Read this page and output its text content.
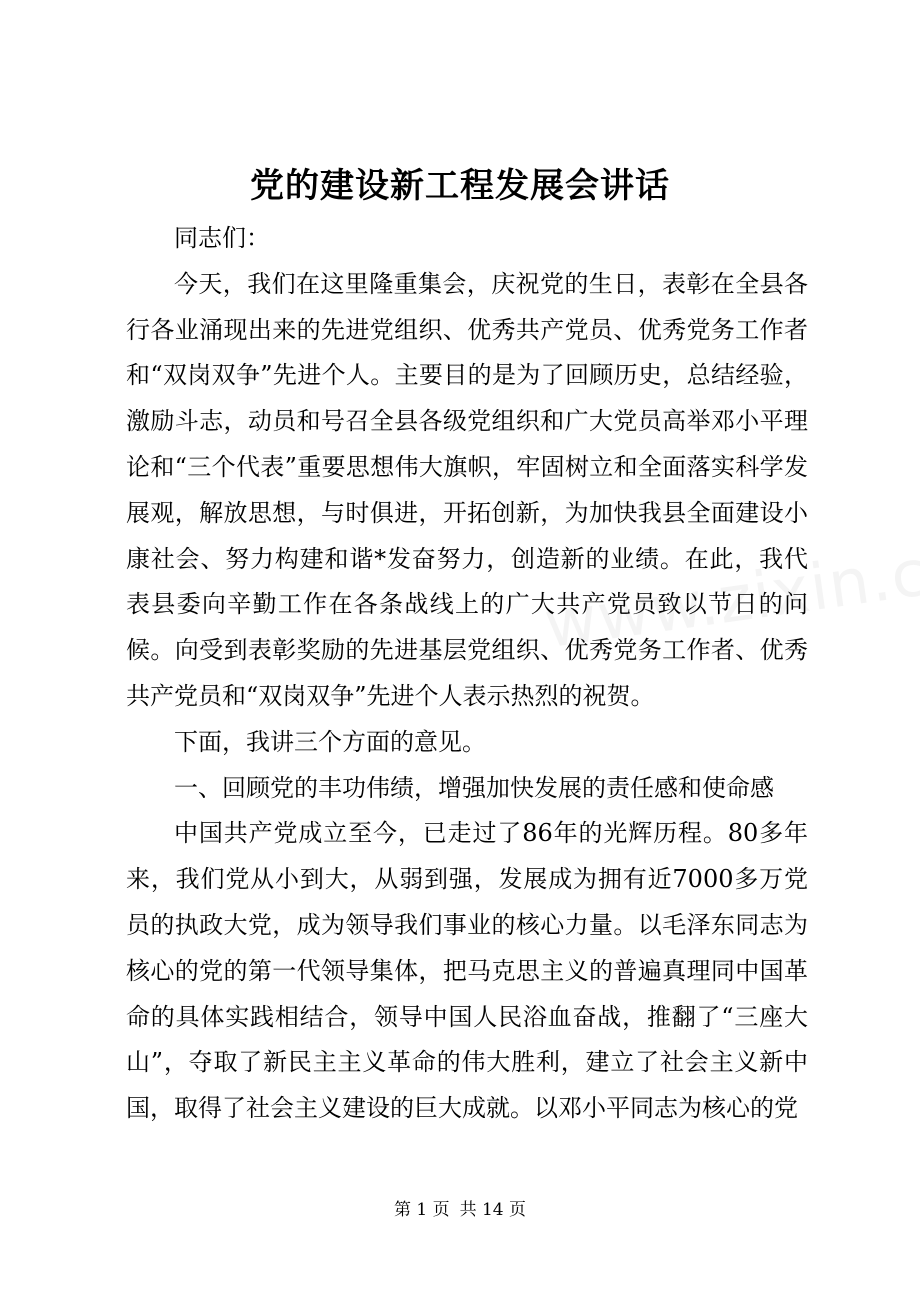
党的建设新工程发展会讲话

同志们：

今天，我们在这里隆重集会，庆祝党的生日，表彰在全县各行各业涌现出来的先进党组织、优秀共产党员、优秀党务工作者和“双岗双争”先进个人。主要目的是为了回顾历史，总结经验，激励斗志，动员和号召全县各级党组织和广大党员高举邓小平理论和“三个代表”重要思想伟大旗帜，牢固树立和全面落实科学发展观，解放思想，与时俱进，开拓创新，为加快我县全面建设小康社会、努力构建和谐*发奋努力，创造新的业绩。在此，我代表县委向辛勤工作在各条战线上的广大共产党员致以节日的问候。向受到表彰奖励的先进基层党组织、优秀党务工作者、优秀共产党员和“双岗双争”先进个人表示热烈的祝贺。

下面，我讲三个方面的意见。

一、回顾党的丰功伟绩，增强加快发展的责任感和使命感

中国共产党成立至今，已走过了86年的光辉历程。80多年来，我们党从小到大，从弱到强，发展成为拥有近7000多万党员的执政大党，成为领导我们事业的核心力量。以毛泽东同志为核心的党的第一代领导集体，把马克思主义的普遍真理同中国革命的具体实践相结合，领导中国人民浴血奋战，推翻了“三座大山”，夺取了新民主主义革命的伟大胜利，建立了社会主义新中国，取得了社会主义建设的巨大成就。以邓小平同志为核心的党

第 1 页 共 14 页
